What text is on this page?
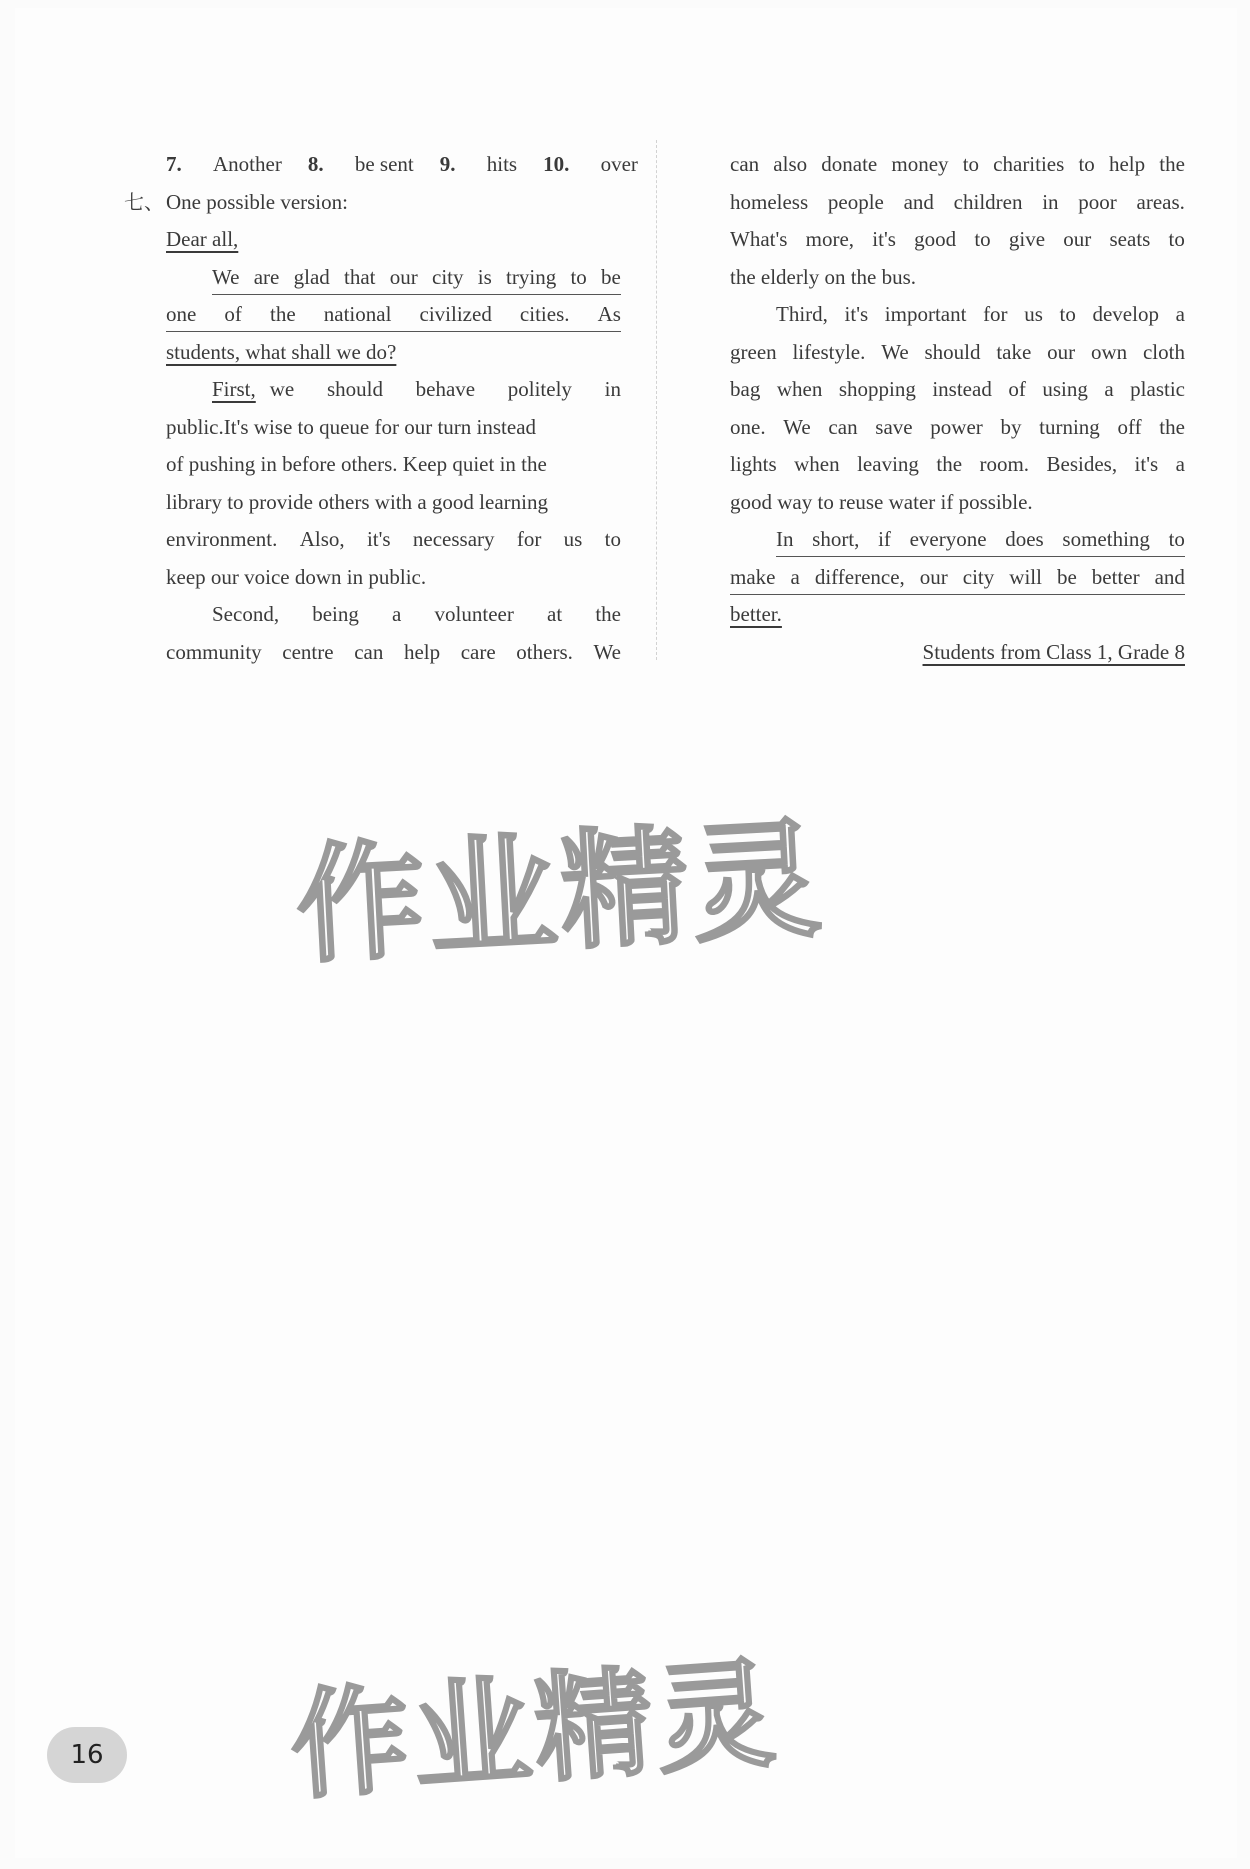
7. Another 8. be sent 9. hits 10. over
七、 One possible version:
Dear all,
We are glad that our city is trying to be
one of the national civilized cities. As
students, what shall we do?
First, we should behave politely in
public.It's wise to queue for our turn instead
of pushing in before others. Keep quiet in the
library to provide others with a good learning
environment. Also, it's necessary for us to
keep our voice down in public.
Second, being a volunteer at the
community centre can help care others. We
can also donate money to charities to help the
homeless people and children in poor areas.
What's more, it's good to give our seats to
the elderly on the bus.
Third, it's important for us to develop a
green lifestyle. We should take our own cloth
bag when shopping instead of using a plastic
one. We can save power by turning off the
lights when leaving the room. Besides, it's a
good way to reuse water if possible.
In short, if everyone does something to
make a difference, our city will be better and
better.
Students from Class 1, Grade 8
作业精灵
作业精灵
16
